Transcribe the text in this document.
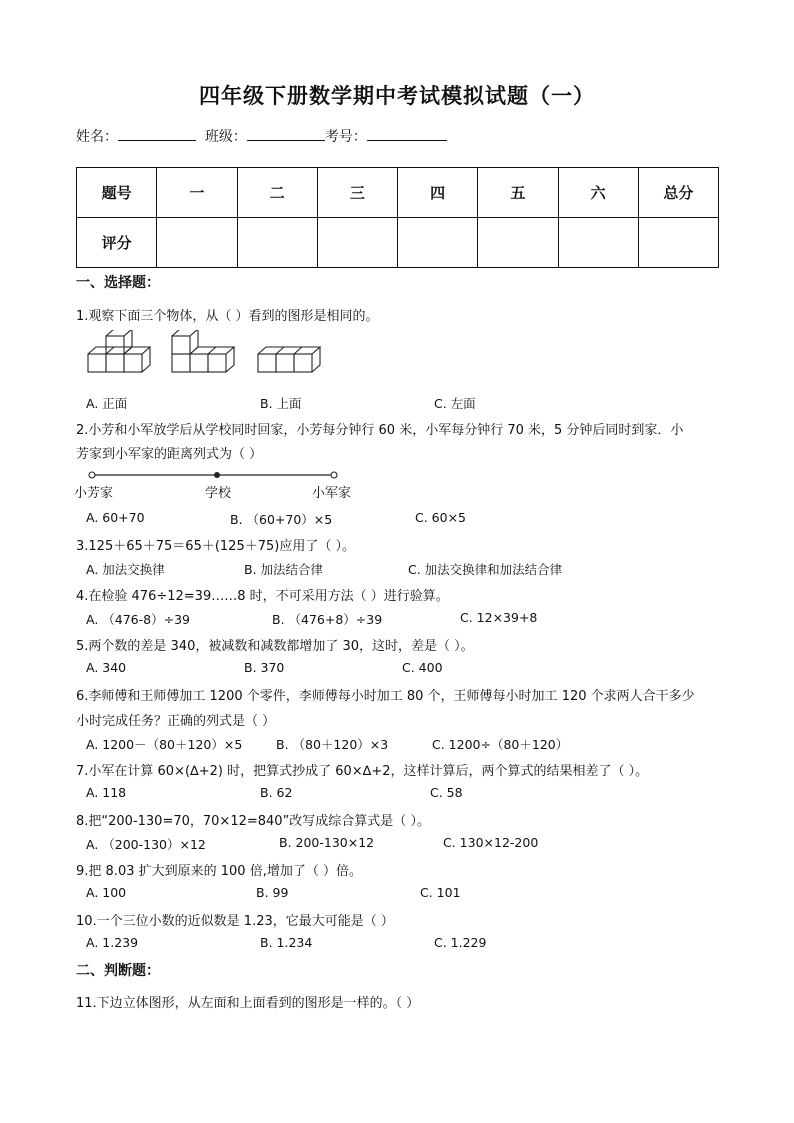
四年级下册数学期中考试模拟试题（一）
姓名：	班级：	考号：
题号	一	二	三	四	五	六	总分
评分							
一、选择题：
1.观察下面三个物体，从（ ）看到的图形是相同的。
A. 正面	B. 上面	C. 左面
2.小芳和小军放学后从学校同时回家，小芳每分钟行 60 米，小军每分钟行 70 米，5 分钟后同时到家．小
芳家到小军家的距离列式为（ ）
小芳家	学校	小军家
A. 60+70	B. （60+70）×5	C. 60×5
3.125＋65＋75＝65＋(125＋75)应用了（ ）。
A. 加法交换律	B. 加法结合律	C. 加法交换律和加法结合律
4.在检验 476÷12=39……8 时，不可采用方法（ ）进行验算。
A. （476-8）÷39	B. （476+8）÷39	C. 12×39+8
5.两个数的差是 340，被减数和减数都增加了 30，这时，差是（ ）。
A. 340	B. 370	C. 400
6.李师傅和王师傅加工 1200 个零件，李师傅每小时加工 80 个，王师傅每小时加工 120 个求两人合干多少
小时完成任务？正确的列式是（ ）
A. 1200－（80＋120）×5	B. （80＋120）×3	C. 1200÷（80＋120）
7.小军在计算 60×(∆+2) 时，把算式抄成了 60×∆+2，这样计算后，两个算式的结果相差了（ ）。
A. 118	B. 62	C. 58
8.把“200-130=70，70×12=840”改写成综合算式是（ ）。
A. （200-130）×12	B. 200-130×12	C. 130×12-200
9.把 8.03 扩大到原来的 100 倍,增加了（ ）倍。
A. 100	B. 99	C. 101
10.一个三位小数的近似数是 1.23，它最大可能是（ ）
A. 1.239	B. 1.234	C. 1.229
二、判断题：
11.下边立体图形，从左面和上面看到的图形是一样的。（ ）
